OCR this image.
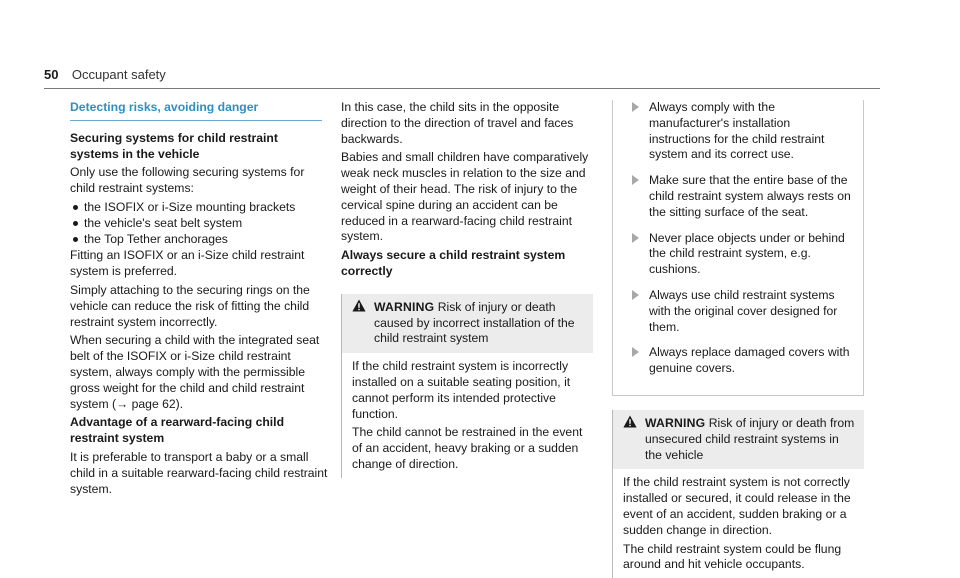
50 Occupant safety
Detecting risks, avoiding danger

Securing systems for child restraint systems in the vehicle

Only use the following securing systems for child restraint systems:

the ISOFIX or i-Size mounting brackets
the vehicle's seat belt system
the Top Tether anchorages

Fitting an ISOFIX or an i-Size child restraint system is preferred.

Simply attaching to the securing rings on the vehicle can reduce the risk of fitting the child restraint system incorrectly.

When securing a child with the integrated seat belt of the ISOFIX or i-Size child restraint system, always comply with the permissible gross weight for the child and child restraint system (→ page 62).

Advantage of a rearward-facing child restraint system

It is preferable to transport a baby or a small child in a suitable rearward-facing child restraint system.

In this case, the child sits in the opposite direction to the direction of travel and faces backwards.

Babies and small children have comparatively weak neck muscles in relation to the size and weight of their head. The risk of injury to the cervical spine during an accident can be reduced in a rearward-facing child restraint system.

Always secure a child restraint system correctly

WARNING Risk of injury or death caused by incorrect installation of the child restraint system

If the child restraint system is incorrectly installed on a suitable seating position, it cannot perform its intended protective function.

The child cannot be restrained in the event of an accident, heavy braking or a sudden change of direction.

Always comply with the manufacturer's installation instructions for the child restraint system and its correct use.
Make sure that the entire base of the child restraint system always rests on the sitting surface of the seat.
Never place objects under or behind the child restraint system, e.g. cushions.
Always use child restraint systems with the original cover designed for them.
Always replace damaged covers with genuine covers.
WARNING Risk of injury or death from unsecured child restraint systems in the vehicle

If the child restraint system is not correctly installed or secured, it could release in the event of an accident, sudden braking or a sudden change in direction.

The child restraint system could be flung around and hit vehicle occupants.
